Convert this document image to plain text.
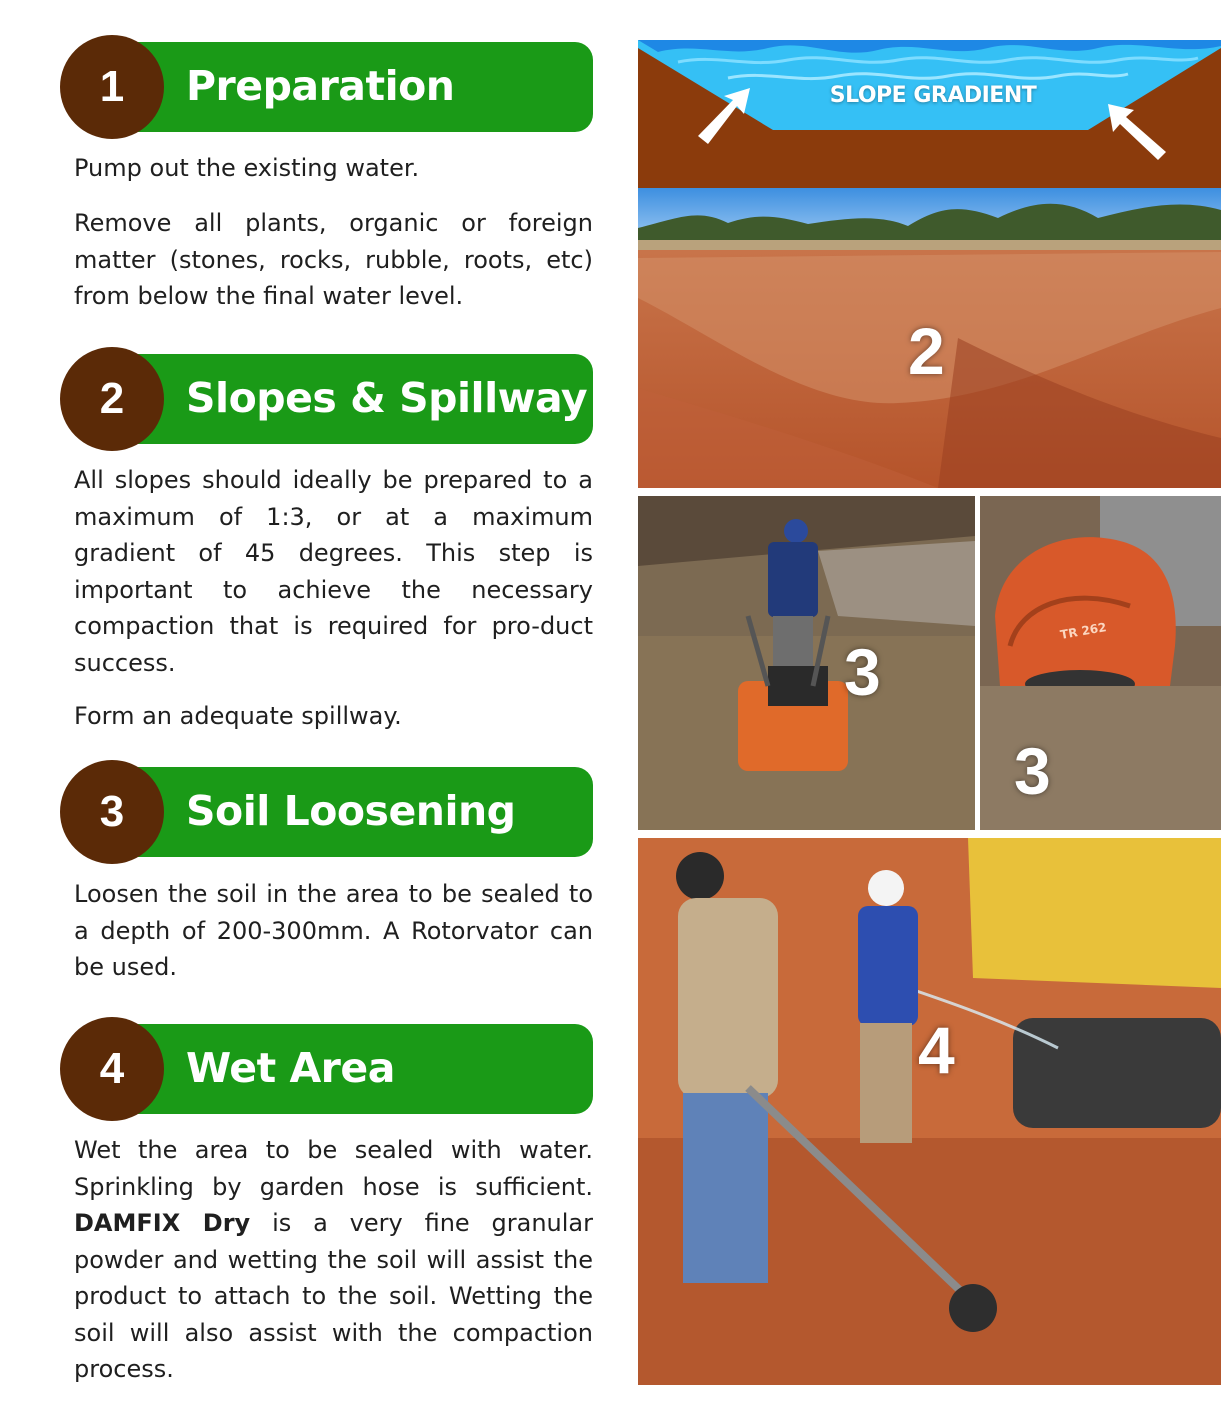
1	Preparation
Pump out the existing water.
Remove all plants, organic or foreign matter (stones, rocks, rubble, roots, etc) from below the final water level.
2	Slopes & Spillway
All slopes should ideally be prepared to a maximum of 1:3, or at a maximum gradient of 45 degrees. This step is important to achieve the necessary compaction that is required for pro-duct success.
Form an adequate spillway.
3	Soil Loosening
Loosen the soil in the area to be sealed to a depth of 200-300mm. A Rotorvator can be used.
4	Wet Area
Wet the area to be sealed with water. Sprinkling by garden hose is sufficient. DAMFIX Dry is a very fine granular powder and wetting the soil will assist the product to attach to the soil. Wetting the soil will also assist with the compaction process.
SLOPE GRADIENT
2
3
TR 262
3
4
